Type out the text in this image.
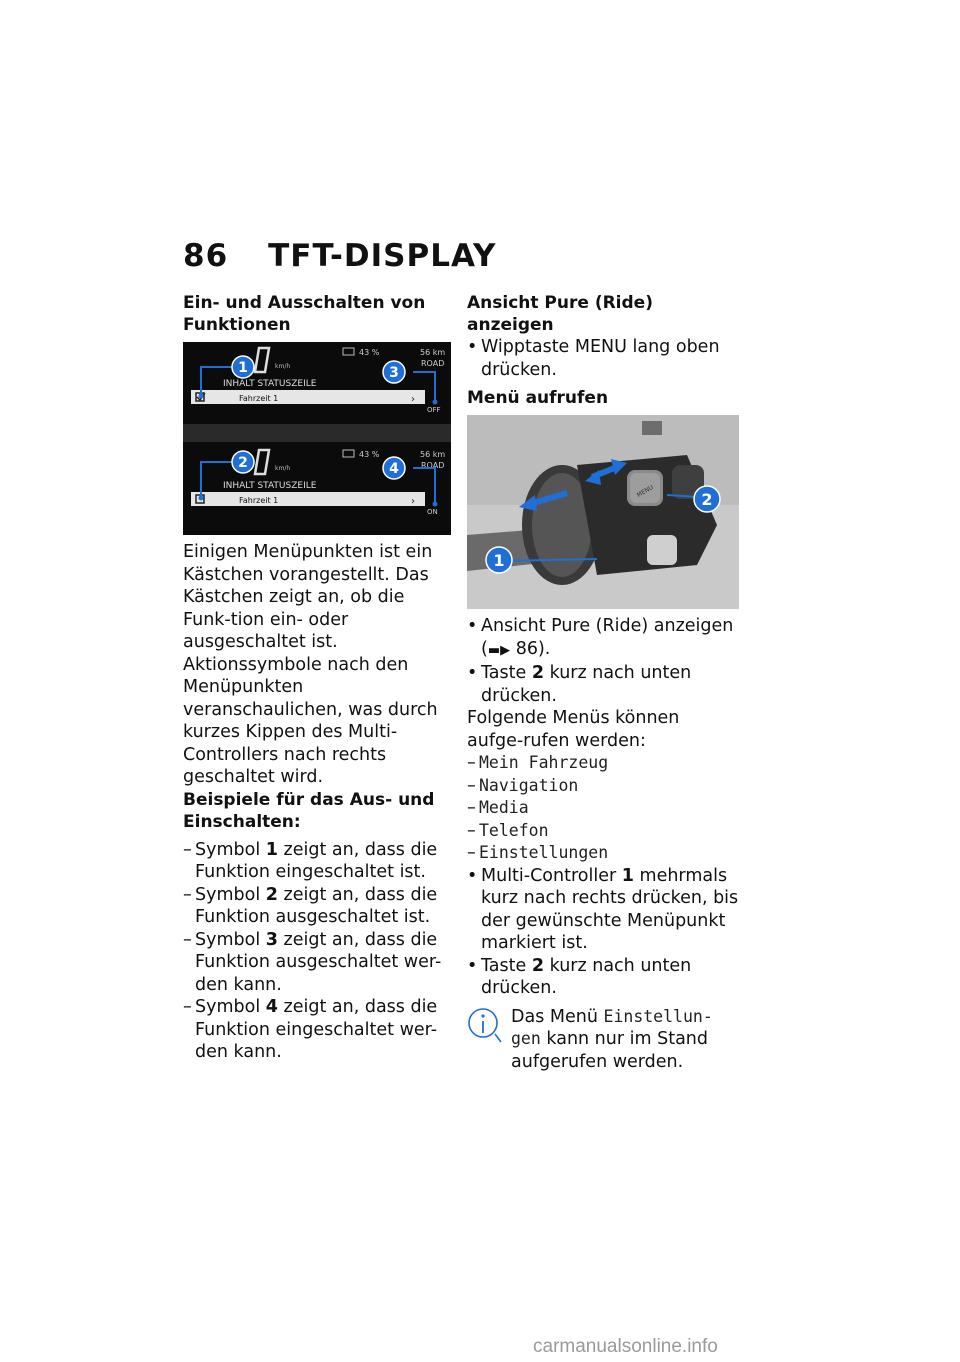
86 TFT-DISPLAY
Ein- und Ausschalten von Funktionen
km/h
43 %	56 km
ROAD
INHALT STATUSZEILE
Fahrzeit 1	›
OFF
1	3
km/h
43 %	56 km
ROAD
INHALT STATUSZEILE
Fahrzeit 1	›
ON
2	4

Einigen Menüpunkten ist ein Kästchen vorangestellt. Das Kästchen zeigt an, ob die Funk-tion ein- oder ausgeschaltet ist. Aktionssymbole nach den Menüpunkten veranschaulichen, was durch kurzes Kippen des Multi-Controllers nach rechts geschaltet wird.

Beispiele für das Aus- und Einschalten:
– Symbol 1 zeigt an, dass die Funktion eingeschaltet ist.
– Symbol 2 zeigt an, dass die Funktion ausgeschaltet ist.
– Symbol 3 zeigt an, dass die Funktion ausgeschaltet wer-den kann.
– Symbol 4 zeigt an, dass die Funktion eingeschaltet wer-den kann.
Ansicht Pure (Ride) anzeigen
• Wipptaste MENU lang oben drücken.
Menü aufrufen
MENU
1
2
• Ansicht Pure (Ride) anzeigen
(▬▶ 86).
• Taste 2 kurz nach unten drücken.

Folgende Menüs können aufge-rufen werden:

– Mein Fahrzeug
– Navigation
– Media
– Telefon
– Einstellungen
• Multi-Controller 1 mehrmals kurz nach rechts drücken, bis der gewünschte Menüpunkt markiert ist.
• Taste 2 kurz nach unten drücken.
Das Menü Einstellun-gen kann nur im Stand aufgerufen werden.
carmanualsonline.info
